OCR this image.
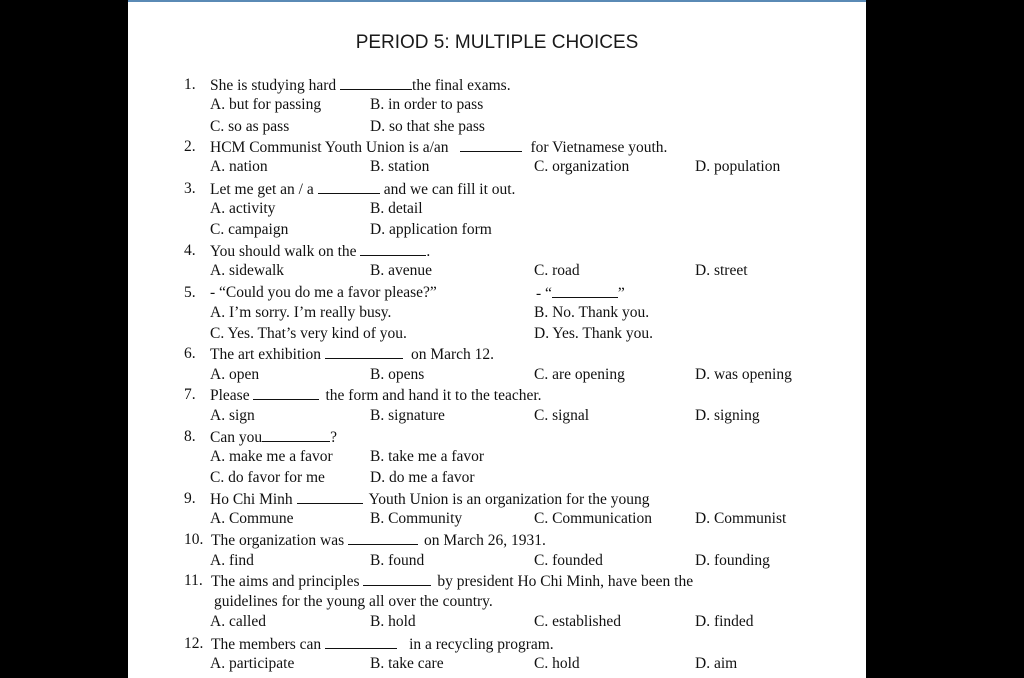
PERIOD 5: MULTIPLE CHOICES
1. She is studying hard	the final exams.
A. but for passing	B. in order to pass
C. so as pass	D. so that she pass
2. HCM Communist Youth Union is a/an	for Vietnamese youth.
A. nation	B. station	C. organization	D. population
3. Let me get an / a	and we can fill it out.
A. activity	B. detail
C. campaign	D. application form
4. You should walk on the	.
A. sidewalk	B. avenue	C. road	D. street
5. - “Could you do me a favor please?”	- “	”
A. I’m sorry. I’m really busy.	B. No. Thank you.
C. Yes. That’s very kind of you.	D. Yes. Thank you.
6. The art exhibition	on March 12.
A. open	B. opens	C. are opening	D. was opening
7. Please	the form and hand it to the teacher.
A. sign	B. signature	C. signal	D. signing
8. Can you	?
A. make me a favor B. take me a favor
C. do favor for me	D. do me a favor
9. Ho Chi Minh	Youth Union is an organization for the young
A. Commune	B. Community	C. Communication	D. Communist
10. The organization was	on March 26, 1931.
A. find	B. found	C. founded	D. founding
11. The aims and principles	by president Ho Chi Minh, have been the
guidelines for the young all over the country.
A. called	B. hold	C. established	D. finded
12. The members can	in a recycling program.
A. participate	B. take care	C. hold	D. aim
